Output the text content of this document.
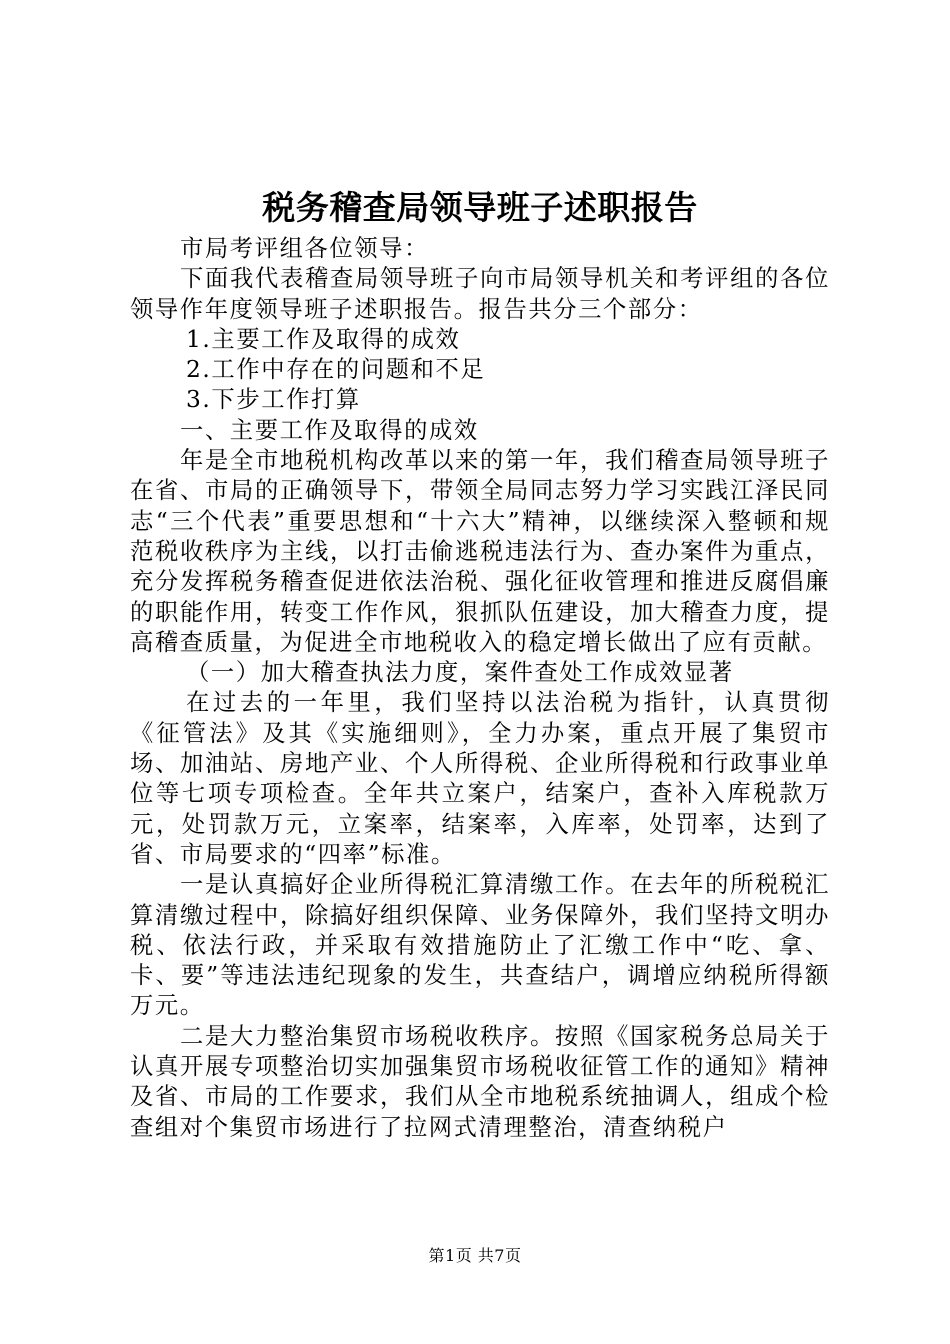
税务稽查局领导班子述职报告

市局考评组各位领导：

下面我代表稽查局领导班子向市局领导机关和考评组的各位领导作年度领导班子述职报告。报告共分三个部分：

1.主要工作及取得的成效

2.工作中存在的问题和不足

3.下步工作打算

一、主要工作及取得的成效

年是全市地税机构改革以来的第一年，我们稽查局领导班子在省、市局的正确领导下，带领全局同志努力学习实践江泽民同志“三个代表”重要思想和“十六大”精神，以继续深入整顿和规范税收秩序为主线，以打击偷逃税违法行为、查办案件为重点，充分发挥税务稽查促进依法治税、强化征收管理和推进反腐倡廉的职能作用，转变工作作风，狠抓队伍建设，加大稽查力度，提高稽查质量，为促进全市地税收入的稳定增长做出了应有贡献。

（一）加大稽查执法力度，案件查处工作成效显著

在过去的一年里，我们坚持以法治税为指针，认真贯彻《征管法》及其《实施细则》，全力办案，重点开展了集贸市场、加油站、房地产业、个人所得税、企业所得税和行政事业单位等七项专项检查。全年共立案户，结案户，查补入库税款万元，处罚款万元，立案率，结案率，入库率，处罚率，达到了省、市局要求的“四率”标准。

一是认真搞好企业所得税汇算清缴工作。在去年的所税税汇算清缴过程中，除搞好组织保障、业务保障外，我们坚持文明办税、依法行政，并采取有效措施防止了汇缴工作中“吃、拿、卡、要”等违法违纪现象的发生，共查结户，调增应纳税所得额万元。

二是大力整治集贸市场税收秩序。按照《国家税务总局关于认真开展专项整治切实加强集贸市场税收征管工作的通知》精神及省、市局的工作要求，我们从全市地税系统抽调人，组成个检查组对个集贸市场进行了拉网式清理整治，清查纳税户

第1页 共7页
